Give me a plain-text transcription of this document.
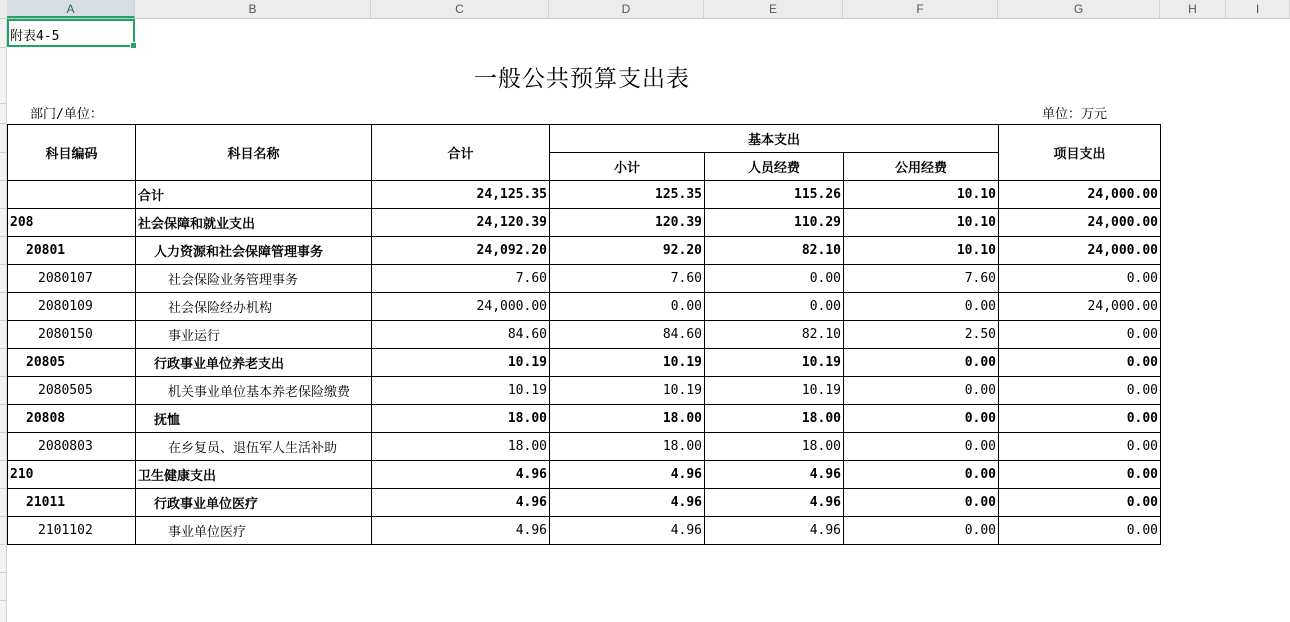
A	B	C	D	E	F	G	H	I
附表4-5
一般公共预算支出表
部门/单位：	单位：万元
科目编码	科目名称	合计	基本支出			项目支出
			小计	人员经费	公用经费	
	合计	24,125.35	125.35	115.26	10.10	24,000.00
208	社会保障和就业支出	24,120.39	120.39	110.29	10.10	24,000.00
20801	人力资源和社会保障管理事务	24,092.20	92.20	82.10	10.10	24,000.00
2080107	社会保险业务管理事务	7.60	7.60	0.00	7.60	0.00
2080109	社会保险经办机构	24,000.00	0.00	0.00	0.00	24,000.00
2080150	事业运行	84.60	84.60	82.10	2.50	0.00
20805	行政事业单位养老支出	10.19	10.19	10.19	0.00	0.00
2080505	机关事业单位基本养老保险缴费	10.19	10.19	10.19	0.00	0.00
20808	抚恤	18.00	18.00	18.00	0.00	0.00
2080803	在乡复员、退伍军人生活补助	18.00	18.00	18.00	0.00	0.00
210	卫生健康支出	4.96	4.96	4.96	0.00	0.00
21011	行政事业单位医疗	4.96	4.96	4.96	0.00	0.00
2101102	事业单位医疗	4.96	4.96	4.96	0.00	0.00
